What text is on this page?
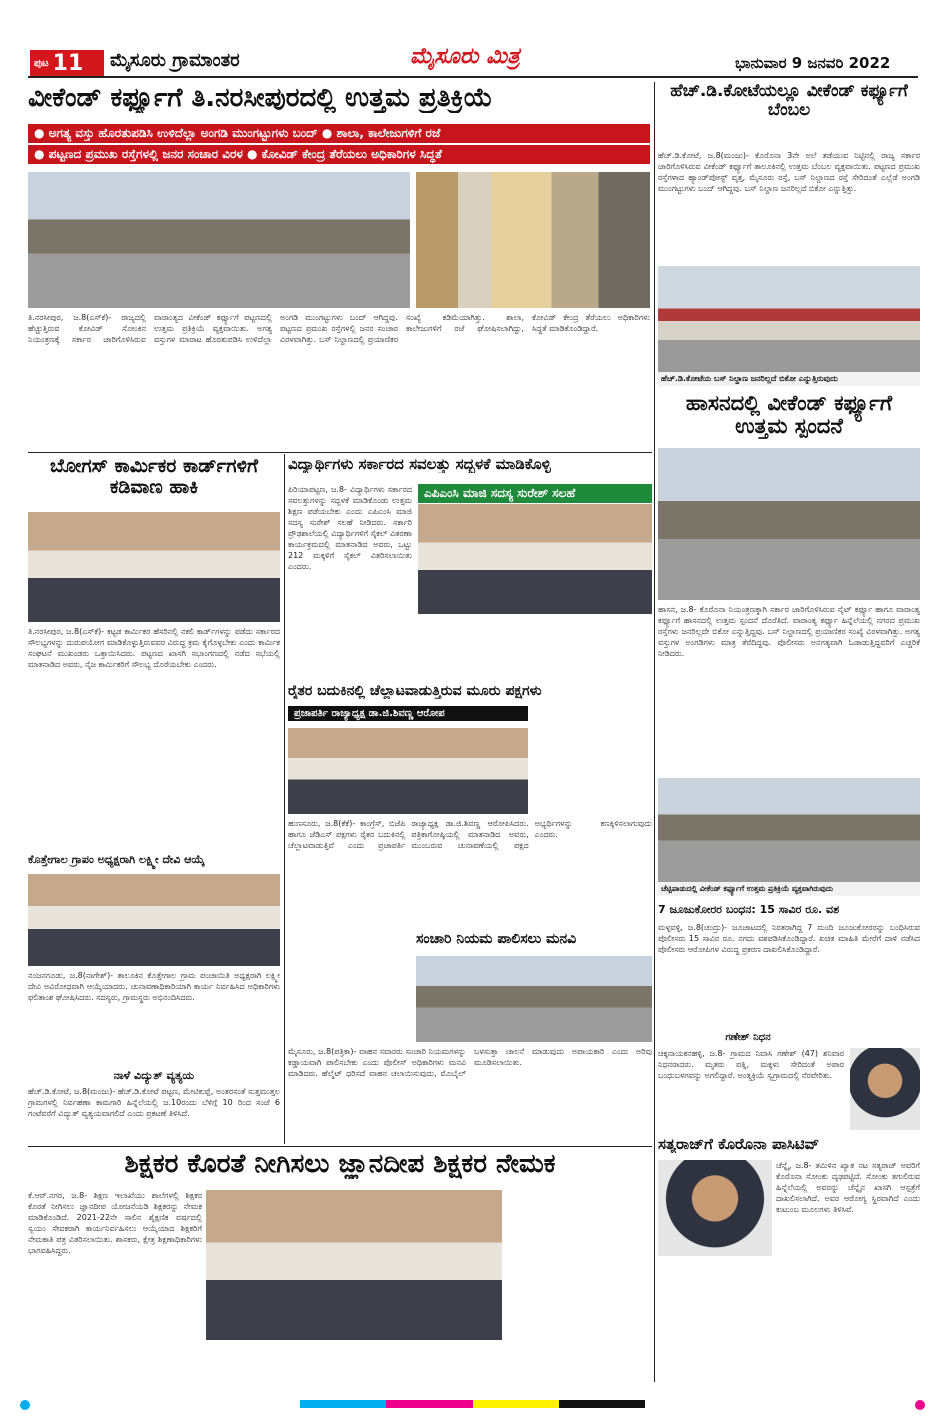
ಪುಟ 11 ಮೈಸೂರು ಗ್ರಾಮಾಂತರ	ಮೈಸೂರು ಮಿತ್ರ	ಭಾನುವಾರ 9 ಜನವರಿ 2022
ವೀಕೆಂಡ್ ಕರ್ಫ್ಯೂಗೆ ತಿ.ನರಸೀಪುರದಲ್ಲಿ ಉತ್ತಮ ಪ್ರತಿಕ್ರಿಯೆ
● ಅಗತ್ಯ ವಸ್ತು ಹೊರತುಪಡಿಸಿ ಉಳಿದೆಲ್ಲಾ ಅಂಗಡಿ ಮುಂಗಟ್ಟುಗಳು ಬಂದ್ ● ಶಾಲಾ, ಕಾಲೇಜುಗಳಿಗೆ ರಜೆ
● ಪಟ್ಟಣದ ಪ್ರಮುಖ ರಸ್ತೆಗಳಲ್ಲಿ ಜನರ ಸಂಚಾರ ವಿರಳ ● ಕೋವಿಡ್ ಕೇಂದ್ರ ತೆರೆಯಲು ಅಧಿಕಾರಿಗಳ ಸಿದ್ಧತೆ
ತಿ.ನರಸೀಪುರ, ಜ.8(ಎಸ್‌ಕೆ)- ರಾಜ್ಯದಲ್ಲಿ ಹೆಚ್ಚುತ್ತಿರುವ ಕೋವಿಡ್ ಸೋಂಕಿನ ನಿಯಂತ್ರಣಕ್ಕೆ ಸರ್ಕಾರ ಜಾರಿಗೊಳಿಸಿರುವ ವಾರಾಂತ್ಯದ ವೀಕೆಂಡ್ ಕರ್ಫ್ಯೂಗೆ ಪಟ್ಟಣದಲ್ಲಿ ಉತ್ತಮ ಪ್ರತಿಕ್ರಿಯೆ ವ್ಯಕ್ತವಾಯಿತು. ಅಗತ್ಯ ವಸ್ತುಗಳ ಮಾರಾಟ ಹೊರತುಪಡಿಸಿ ಉಳಿದೆಲ್ಲಾ ಅಂಗಡಿ ಮುಂಗಟ್ಟುಗಳು ಬಂದ್ ಆಗಿದ್ದವು. ಪಟ್ಟಣದ ಪ್ರಮುಖ ರಸ್ತೆಗಳಲ್ಲಿ ಜನರ ಸಂಚಾರ ವಿರಳವಾಗಿತ್ತು. ಬಸ್ ನಿಲ್ದಾಣದಲ್ಲಿ ಪ್ರಯಾಣಿಕರ ಸಂಖ್ಯೆ ಕಡಿಮೆಯಾಗಿತ್ತು. ಶಾಲಾ, ಕಾಲೇಜುಗಳಿಗೆ ರಜೆ ಘೋಷಿಸಲಾಗಿದ್ದು, ಕೋವಿಡ್ ಕೇಂದ್ರ ತೆರೆಯಲು ಅಧಿಕಾರಿಗಳು ಸಿದ್ಧತೆ ಮಾಡಿಕೊಂಡಿದ್ದಾರೆ.
ಹೆಚ್.ಡಿ.ಕೋಟೆಯಲ್ಲೂ ವೀಕೆಂಡ್ ಕರ್ಫ್ಯೂಗೆ ಬೆಂಬಲ
ಹೆಚ್.ಡಿ.ಕೋಟೆ, ಜ.8(ಮಂಜು)- ಕೊರೊನಾ 3ನೇ ಅಲೆ ತಡೆಯುವ ನಿಟ್ಟಿನಲ್ಲಿ ರಾಜ್ಯ ಸರ್ಕಾರ ಜಾರಿಗೊಳಿಸಿರುವ ವೀಕೆಂಡ್ ಕರ್ಫ್ಯೂಗೆ ತಾಲೂಕಿನಲ್ಲಿ ಉತ್ತಮ ಬೆಂಬಲ ವ್ಯಕ್ತವಾಯಿತು. ಪಟ್ಟಣದ ಪ್ರಮುಖ ರಸ್ತೆಗಳಾದ ಹ್ಯಾಂಡ್‌ಪೋಸ್ಟ್ ವೃತ್ತ, ಮೈಸೂರು ರಸ್ತೆ, ಬಸ್ ನಿಲ್ದಾಣದ ರಸ್ತೆ ಸೇರಿದಂತೆ ಎಲ್ಲೆಡೆ ಅಂಗಡಿ ಮುಂಗಟ್ಟುಗಳು ಬಂದ್ ಆಗಿದ್ದವು. ಬಸ್ ನಿಲ್ದಾಣ ಜನರಿಲ್ಲದೆ ಬಿಕೋ ಎನ್ನುತ್ತಿತ್ತು.
ಹೆಚ್.ಡಿ.ಕೋಟೆಯ ಬಸ್ ನಿಲ್ದಾಣ ಜನರಿಲ್ಲದೆ ಬಿಕೋ ಎನ್ನುತ್ತಿರುವುದು
ಹಾಸನದಲ್ಲಿ ವೀಕೆಂಡ್ ಕರ್ಫ್ಯೂಗೆ ಉತ್ತಮ ಸ್ಪಂದನೆ
ಹಾಸನ, ಜ.8- ಕೊರೊನಾ ನಿಯಂತ್ರಣಕ್ಕಾಗಿ ಸರ್ಕಾರ ಜಾರಿಗೊಳಿಸಿರುವ ನೈಟ್ ಕರ್ಫ್ಯೂ ಹಾಗೂ ವಾರಾಂತ್ಯ ಕರ್ಫ್ಯೂಗೆ ಹಾಸನದಲ್ಲಿ ಉತ್ತಮ ಸ್ಪಂದನೆ ದೊರೆತಿದೆ. ವಾರಾಂತ್ಯ ಕರ್ಫ್ಯೂ ಹಿನ್ನೆಲೆಯಲ್ಲಿ ನಗರದ ಪ್ರಮುಖ ರಸ್ತೆಗಳು ಜನರಿಲ್ಲದೇ ಬಿಕೋ ಎನ್ನುತ್ತಿದ್ದವು. ಬಸ್ ನಿಲ್ದಾಣದಲ್ಲಿ ಪ್ರಯಾಣಿಕರ ಸಂಖ್ಯೆ ವಿರಳವಾಗಿತ್ತು. ಅಗತ್ಯ ವಸ್ತುಗಳ ಅಂಗಡಿಗಳು ಮಾತ್ರ ತೆರೆದಿದ್ದವು. ಪೊಲೀಸರು ಅನಗತ್ಯವಾಗಿ ಓಡಾಡುತ್ತಿದ್ದವರಿಗೆ ಎಚ್ಚರಿಕೆ ನೀಡಿದರು.
ಚೆಟ್ಟಿಪಾಡುದಲ್ಲಿ ವೀಕೆಂಡ್ ಕರ್ಫ್ಯೂಗೆ ಉತ್ತಮ ಪ್ರತಿಕ್ರಿಯೆ ವ್ಯಕ್ತವಾಗಿರುವುದು
ಬೋಗಸ್ ಕಾರ್ಮಿಕರ ಕಾರ್ಡ್‌ಗಳಿಗೆ ಕಡಿವಾಣ ಹಾಕಿ
ತಿ.ನರಸೀಪುರ, ಜ.8(ಎಸ್‌ಕೆ)- ಕಟ್ಟಡ ಕಾರ್ಮಿಕರ ಹೆಸರಿನಲ್ಲಿ ನಕಲಿ ಕಾರ್ಡ್‌ಗಳನ್ನು ಪಡೆದು ಸರ್ಕಾರದ ಸೌಲಭ್ಯಗಳನ್ನು ದುರುಪಯೋಗ ಮಾಡಿಕೊಳ್ಳುತ್ತಿರುವವರ ವಿರುದ್ಧ ಕ್ರಮ ಕೈಗೊಳ್ಳಬೇಕು ಎಂದು ಕಾರ್ಮಿಕ ಸಂಘಟನೆ ಮುಖಂಡರು ಒತ್ತಾಯಿಸಿದರು. ಪಟ್ಟಣದ ಖಾಸಗಿ ಸಭಾಂಗಣದಲ್ಲಿ ನಡೆದ ಸಭೆಯಲ್ಲಿ ಮಾತನಾಡಿದ ಅವರು, ನೈಜ ಕಾರ್ಮಿಕರಿಗೆ ಸೌಲಭ್ಯ ದೊರೆಯಬೇಕು ಎಂದರು.
ಕೊತ್ತೇಗಾಲ ಗ್ರಾಪಂ ಅಧ್ಯಕ್ಷರಾಗಿ ಲಕ್ಷ್ಮೀ ದೇವಿ ಆಯ್ಕೆ
ನಂಜನಗೂಡು, ಜ.8(ನಾಗೇಶ್)- ತಾಲೂಕಿನ ಕೊತ್ತೇಗಾಲ ಗ್ರಾಮ ಪಂಚಾಯಿತಿ ಅಧ್ಯಕ್ಷರಾಗಿ ಲಕ್ಷ್ಮೀ ದೇವಿ ಅವಿರೋಧವಾಗಿ ಆಯ್ಕೆಯಾದರು. ಚುನಾವಣಾಧಿಕಾರಿಯಾಗಿ ಕಾರ್ಯ ನಿರ್ವಹಿಸಿದ ಅಧಿಕಾರಿಗಳು ಫಲಿತಾಂಶ ಘೋಷಿಸಿದರು. ಸದಸ್ಯರು, ಗ್ರಾಮಸ್ಥರು ಅಭಿನಂದಿಸಿದರು.
ನಾಳೆ ವಿದ್ಯುತ್ ವ್ಯತ್ಯಯ
ಹೆಚ್.ಡಿ.ಕೋಟೆ, ಜ.8(ಮಂಜು)- ಹೆಚ್.ಡಿ.ಕೋಟೆ ಪಟ್ಟಣ, ಮೇಟಿಕುಪ್ಪೆ, ಅಂತರಸಂತೆ ಸುತ್ತಮುತ್ತಲ ಗ್ರಾಮಗಳಲ್ಲಿ ನಿರ್ವಹಣಾ ಕಾಮಗಾರಿ ಹಿನ್ನೆಲೆಯಲ್ಲಿ ಜ.10ರಂದು ಬೆಳಿಗ್ಗೆ 10 ರಿಂದ ಸಂಜೆ 6 ಗಂಟೆವರೆಗೆ ವಿದ್ಯುತ್ ವ್ಯತ್ಯಯವಾಗಲಿದೆ ಎಂದು ಪ್ರಕಟಣೆ ತಿಳಿಸಿದೆ.
ವಿದ್ಯಾರ್ಥಿಗಳು ಸರ್ಕಾರದ ಸವಲತ್ತು ಸದ್ಬಳಕೆ ಮಾಡಿಕೊಳ್ಳಿ
ಎಪಿಎಂಸಿ ಮಾಜಿ ಸದಸ್ಯ ಸುರೇಶ್ ಸಲಹೆ
ಪಿರಿಯಾಪಟ್ಟಣ, ಜ.8- ವಿದ್ಯಾರ್ಥಿಗಳು ಸರ್ಕಾರದ ಸವಲತ್ತುಗಳನ್ನು ಸದ್ಬಳಕೆ ಮಾಡಿಕೊಂಡು ಉತ್ತಮ ಶಿಕ್ಷಣ ಪಡೆಯಬೇಕು ಎಂದು ಎಪಿಎಂಸಿ ಮಾಜಿ ಸದಸ್ಯ ಸುರೇಶ್ ಸಲಹೆ ನೀಡಿದರು. ಸರ್ಕಾರಿ ಪ್ರೌಢಶಾಲೆಯಲ್ಲಿ ವಿದ್ಯಾರ್ಥಿಗಳಿಗೆ ಸೈಕಲ್ ವಿತರಣಾ ಕಾರ್ಯಕ್ರಮದಲ್ಲಿ ಮಾತನಾಡಿದ ಅವರು, ಒಟ್ಟು 212 ಮಕ್ಕಳಿಗೆ ಸೈಕಲ್ ವಿತರಿಸಲಾಯಿತು ಎಂದರು.
ರೈತರ ಬದುಕಿನಲ್ಲಿ ಚೆಲ್ಲಾಟವಾಡುತ್ತಿರುವ ಮೂರು ಪಕ್ಷಗಳು
ಪ್ರಜಾಪರ್ತಿ ರಾಜ್ಯಾಧ್ಯಕ್ಷ ಡಾ.ಜಿ.ಶಿವಣ್ಣ ಆರೋಪ
ಹುಣಸೂರು, ಜ.8(ಕೆಕೆ)- ಕಾಂಗ್ರೆಸ್, ಬಿಜೆಪಿ ಹಾಗೂ ಜೆಡಿಎಸ್ ಪಕ್ಷಗಳು ರೈತರ ಬದುಕಿನಲ್ಲಿ ಚೆಲ್ಲಾಟವಾಡುತ್ತಿವೆ ಎಂದು ಪ್ರಜಾಪರ್ತಿ ರಾಜ್ಯಾಧ್ಯಕ್ಷ ಡಾ.ಜಿ.ಶಿವಣ್ಣ ಆರೋಪಿಸಿದರು. ಪತ್ರಿಕಾಗೋಷ್ಠಿಯಲ್ಲಿ ಮಾತನಾಡಿದ ಅವರು, ಮುಂಬರುವ ಚುನಾವಣೆಯಲ್ಲಿ ಪಕ್ಷದ ಅಭ್ಯರ್ಥಿಗಳನ್ನು ಕಣಕ್ಕಿಳಿಸಲಾಗುವುದು ಎಂದರು.
ಸಂಚಾರಿ ನಿಯಮ ಪಾಲಿಸಲು ಮನವಿ
ಮೈಸೂರು, ಜ.8(ಪತ್ರಿಕಾ)- ವಾಹನ ಸವಾರರು ಸಂಚಾರಿ ನಿಯಮಗಳನ್ನು ಕಡ್ಡಾಯವಾಗಿ ಪಾಲಿಸಬೇಕು ಎಂದು ಪೊಲೀಸ್ ಅಧಿಕಾರಿಗಳು ಮನವಿ ಮಾಡಿದರು. ಹೆಲ್ಮೆಟ್ ಧರಿಸದೆ ವಾಹನ ಚಲಾಯಿಸುವುದು, ಮೊಬೈಲ್ ಬಳಸುತ್ತಾ ಚಾಲನೆ ಮಾಡುವುದು ಅಪಾಯಕಾರಿ ಎಂದು ಅರಿವು ಮೂಡಿಸಲಾಯಿತು.
7 ಜೂಜುಕೋರರ ಬಂಧನ: 15 ಸಾವಿರ ರೂ. ವಶ
ಮಳ್ಳವಳ್ಳಿ, ಜ.8(ಚಂದ್ರು)- ಜೂಜಾಟದಲ್ಲಿ ನಿರತರಾಗಿದ್ದ 7 ಮಂದಿ ಜೂಜುಕೋರರನ್ನು ಬಂಧಿಸಿರುವ ಪೊಲೀಸರು 15 ಸಾವಿರ ರೂ. ನಗದು ವಶಪಡಿಸಿಕೊಂಡಿದ್ದಾರೆ. ಖಚಿತ ಮಾಹಿತಿ ಮೇರೆಗೆ ದಾಳಿ ನಡೆಸಿದ ಪೊಲೀಸರು ಆರೋಪಿಗಳ ವಿರುದ್ಧ ಪ್ರಕರಣ ದಾಖಲಿಸಿಕೊಂಡಿದ್ದಾರೆ.
ಗಣೇಶ್ ನಿಧನ
ಚಿಕ್ಕನಾಯಕನಹಳ್ಳಿ, ಜ.8- ಗ್ರಾಮದ ನಿವಾಸಿ ಗಣೇಶ್ (47) ಶನಿವಾರ ನಿಧನರಾದರು. ಮೃತರು ಪತ್ನಿ, ಮಕ್ಕಳು ಸೇರಿದಂತೆ ಅಪಾರ ಬಂಧುಬಳಗವನ್ನು ಅಗಲಿದ್ದಾರೆ. ಅಂತ್ಯಕ್ರಿಯೆ ಸ್ವಗ್ರಾಮದಲ್ಲಿ ನೆರವೇರಿತು.
ಸತ್ಯರಾಜ್‌ಗೆ ಕೊರೊನಾ ಪಾಸಿಟಿವ್
ಚೆನ್ನೈ, ಜ.8- ತಮಿಳಿನ ಖ್ಯಾತ ನಟ ಸತ್ಯರಾಜ್ ಅವರಿಗೆ ಕೊರೊನಾ ಸೋಂಕು ದೃಢಪಟ್ಟಿದೆ. ಸೋಂಕು ತಗುಲಿರುವ ಹಿನ್ನೆಲೆಯಲ್ಲಿ ಅವರನ್ನು ಚೆನ್ನೈನ ಖಾಸಗಿ ಆಸ್ಪತ್ರೆಗೆ ದಾಖಲಿಸಲಾಗಿದೆ. ಅವರ ಆರೋಗ್ಯ ಸ್ಥಿರವಾಗಿದೆ ಎಂದು ಕುಟುಂಬ ಮೂಲಗಳು ತಿಳಿಸಿವೆ.
ಶಿಕ್ಷಕರ ಕೊರತೆ ನೀಗಿಸಲು ಜ್ಞಾನದೀಪ ಶಿಕ್ಷಕರ ನೇಮಕ
ಕೆ.ಆರ್.ನಗರ, ಜ.8- ಶಿಕ್ಷಣ ಇಲಾಖೆಯು ಶಾಲೆಗಳಲ್ಲಿ ಶಿಕ್ಷಕರ ಕೊರತೆ ನೀಗಿಸಲು ಜ್ಞಾನದೀಪ ಯೋಜನೆಯಡಿ ಶಿಕ್ಷಕರನ್ನು ನೇಮಕ ಮಾಡಿಕೊಂಡಿದೆ. 2021-22ನೇ ಸಾಲಿನ ಶೈಕ್ಷಣಿಕ ವರ್ಷದಲ್ಲಿ ಸ್ವಯಂ ಸೇವಕರಾಗಿ ಕಾರ್ಯನಿರ್ವಹಿಸಲು ಆಯ್ಕೆಯಾದ ಶಿಕ್ಷಕರಿಗೆ ನೇಮಕಾತಿ ಪತ್ರ ವಿತರಿಸಲಾಯಿತು. ಶಾಸಕರು, ಕ್ಷೇತ್ರ ಶಿಕ್ಷಣಾಧಿಕಾರಿಗಳು ಭಾಗವಹಿಸಿದ್ದರು.
